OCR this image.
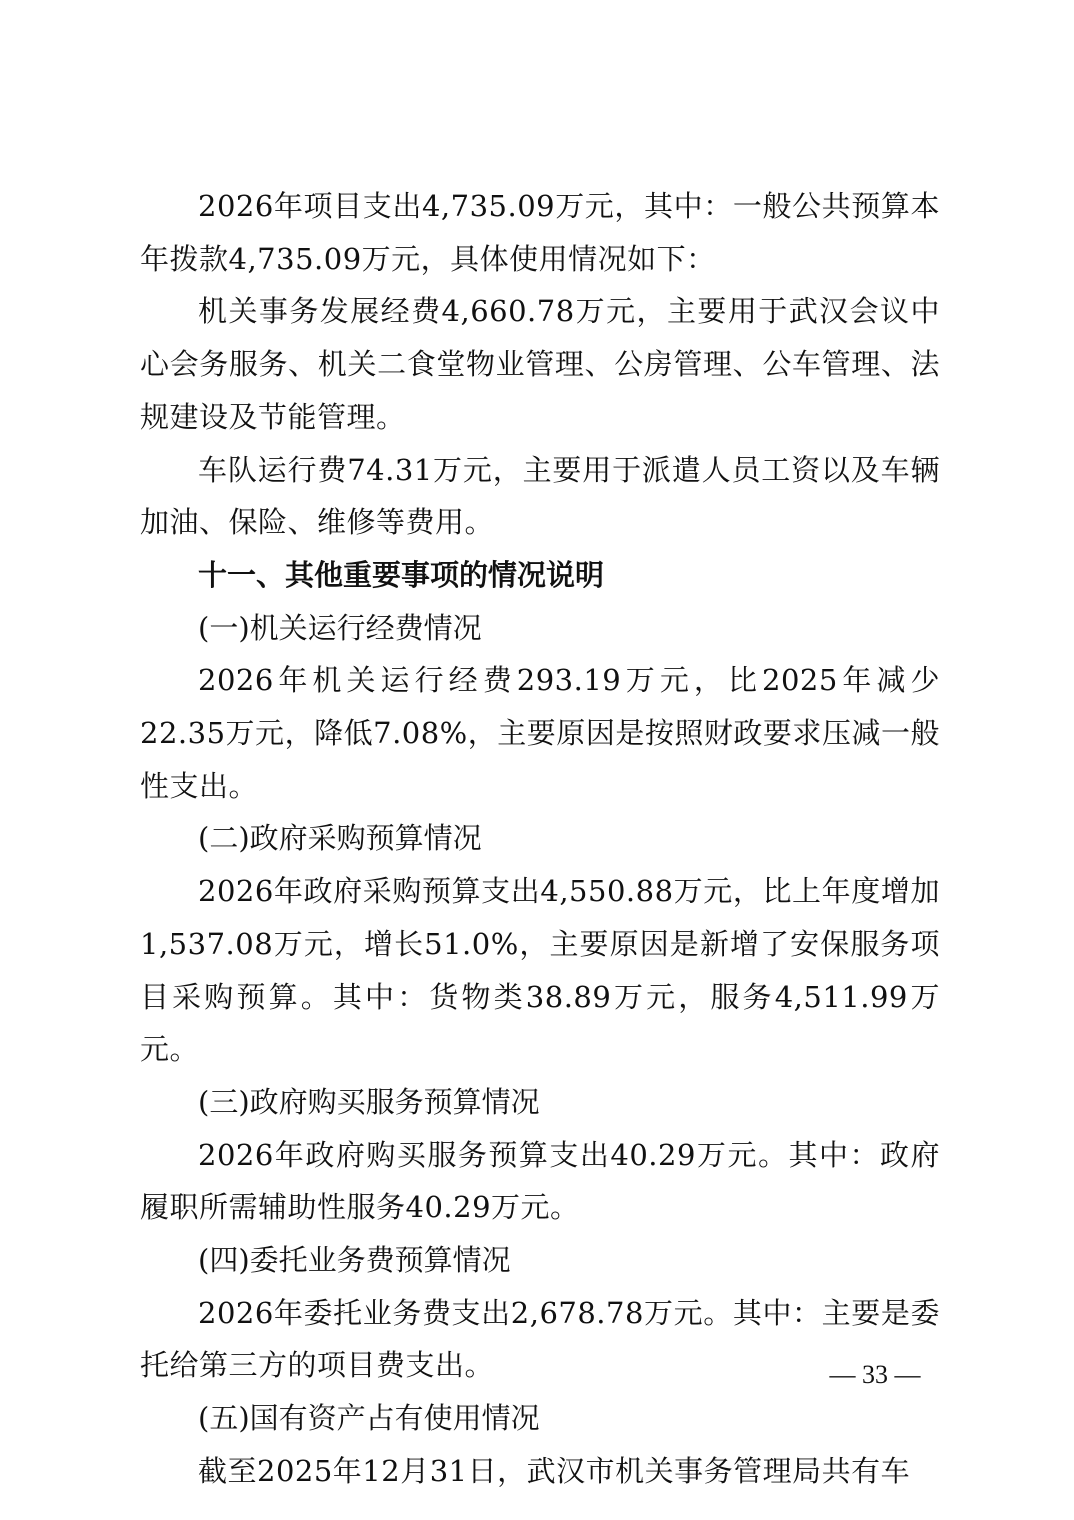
2026年项目支出4,735.09万元，其中：一般公共预算本年拨款4,735.09万元，具体使用情况如下：

机关事务发展经费4,660.78万元，主要用于武汉会议中心会务服务、机关二食堂物业管理、公房管理、公车管理、法规建设及节能管理。

车队运行费74.31万元，主要用于派遣人员工资以及车辆加油、保险、维修等费用。

十一、其他重要事项的情况说明

(一)机关运行经费情况

2026年机关运行经费293.19万元，比2025年减少22.35万元，降低7.08%，主要原因是按照财政要求压减一般性支出。

(二)政府采购预算情况

2026年政府采购预算支出4,550.88万元，比上年度增加1,537.08万元，增长51.0%，主要原因是新增了安保服务项目采购预算。其中：货物类38.89万元，服务4,511.99万元。

(三)政府购买服务预算情况

2026年政府购买服务预算支出40.29万元。其中：政府履职所需辅助性服务40.29万元。

(四)委托业务费预算情况

2026年委托业务费支出2,678.78万元。其中：主要是委托给第三方的项目费支出。

(五)国有资产占有使用情况

截至2025年12月31日，武汉市机关事务管理局共有车

— 33 —
